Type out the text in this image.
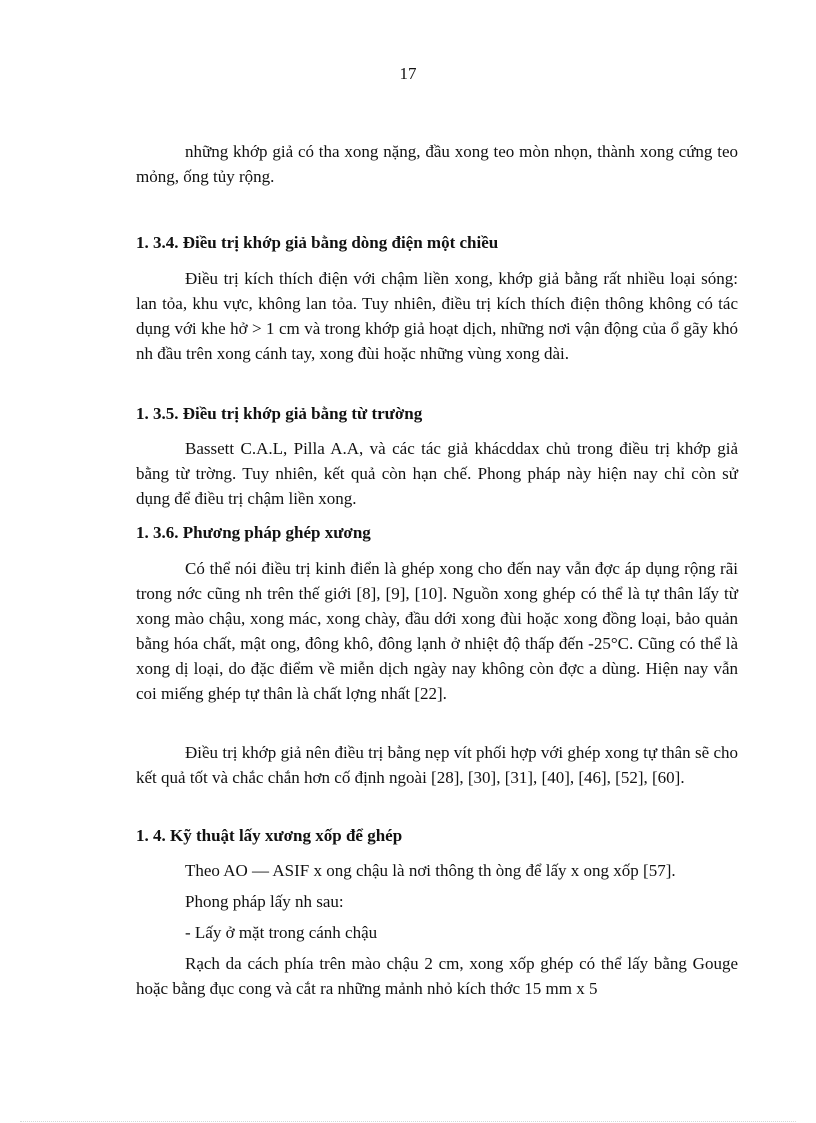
17

những khớp giả có tha xong nặng, đầu xong teo mòn nhọn, thành xong cứng teo mỏng, ống tủy rộng.

1. 3.4. Điều trị khớp giả bằng dòng điện một chiều

Điều trị kích thích điện với chậm liền xong, khớp giả bằng rất nhiều loại sóng: lan tỏa, khu vực, không lan tỏa. Tuy nhiên, điều trị kích thích điện thông không có tác dụng với khe hở > 1 cm và trong khớp giả hoạt dịch, những nơi vận động của ổ gãy khó nh đầu trên xong cánh tay, xong đùi hoặc những vùng xong dài.

1. 3.5. Điều trị khớp giả bằng từ trường

Bassett C.A.L, Pilla A.A, và các tác giả khácddax chủ trong điều trị khớp giả bằng từ trờng. Tuy nhiên, kết quả còn hạn chế. Phong pháp này hiện nay chỉ còn sử dụng để điều trị chậm liền xong.

1. 3.6. Phương pháp ghép xương

Có thể nói điều trị kinh điển là ghép xong cho đến nay vẫn đợc áp dụng rộng rãi trong nớc cũng nh trên thế giới [8], [9], [10]. Nguồn xong ghép có thể là tự thân lấy từ xong mào chậu, xong mác, xong chày, đầu dới xong đùi hoặc xong đồng loại, bảo quản bằng hóa chất, mật ong, đông khô, đông lạnh ở nhiệt độ thấp đến -25°C. Cũng có thể là xong dị loại, do đặc điểm về miễn dịch ngày nay không còn đợc a dùng. Hiện nay vẫn coi miếng ghép tự thân là chất lợng nhất [22].

Điều trị khớp giả nên điều trị bằng nẹp vít phối hợp với ghép xong tự thân sẽ cho kết quả tốt và chắc chắn hơn cố định ngoài [28], [30], [31], [40], [46], [52], [60].

1. 4. Kỹ thuật lấy xương xốp để ghép

Theo AO — ASIF x ong chậu là nơi thông th òng để lấy x ong xốp [57].

Phong pháp lấy nh sau:

- Lấy ở mặt trong cánh chậu

Rạch da cách phía trên mào chậu 2 cm, xong xốp ghép có thể lấy bằng Gouge hoặc bằng đục cong và cắt ra những mảnh nhỏ kích thớc 15 mm x 5
